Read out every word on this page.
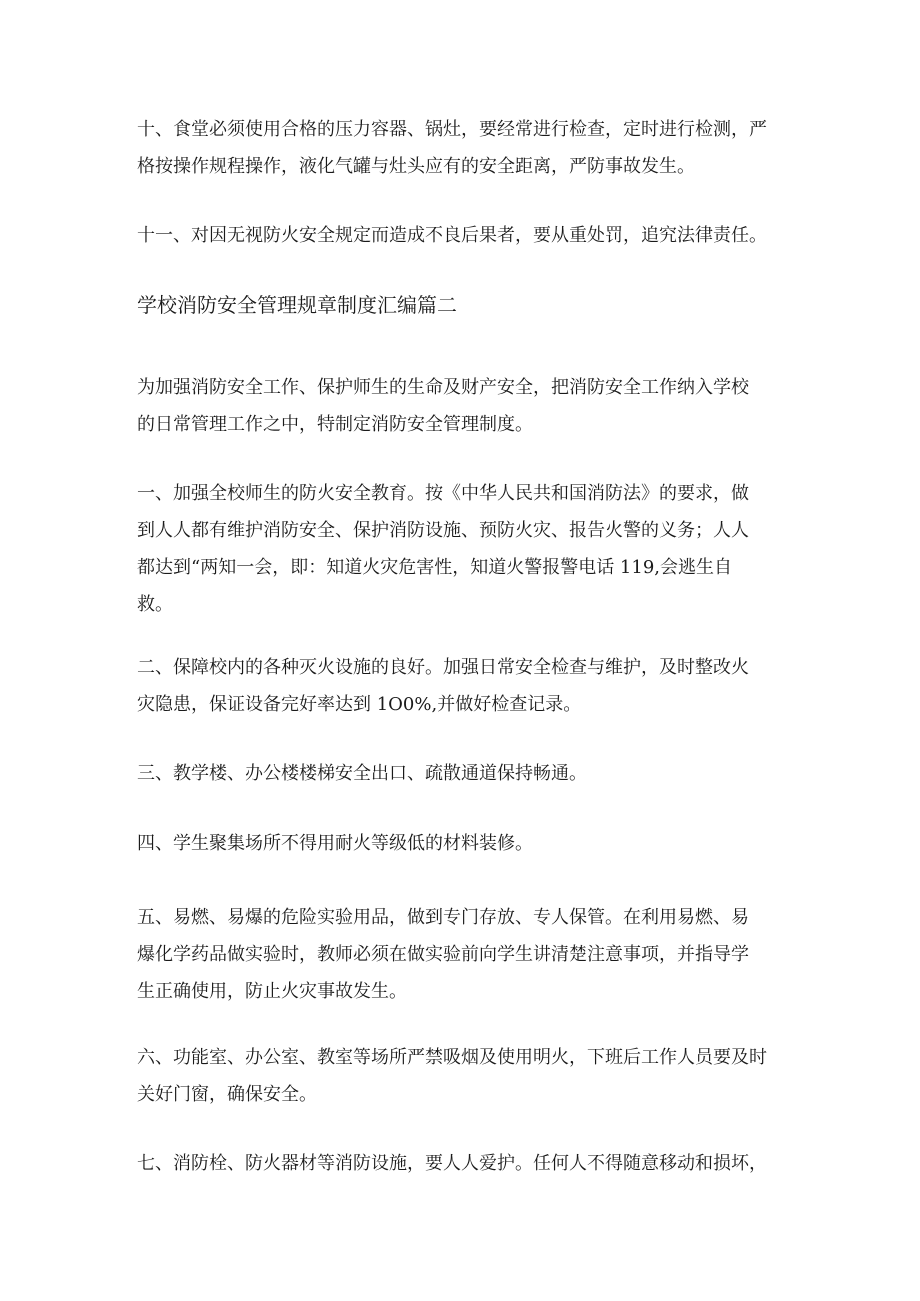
十、食堂必须使用合格的压力容器、锅灶，要经常进行检查，定时进行检测，严
格按操作规程操作，液化气罐与灶头应有的安全距离，严防事故发生。
十一、对因无视防火安全规定而造成不良后果者，要从重处罚，追究法律责任。
学校消防安全管理规章制度汇编篇二
为加强消防安全工作、保护师生的生命及财产安全，把消防安全工作纳入学校
的日常管理工作之中，特制定消防安全管理制度。
一、加强全校师生的防火安全教育。按《中华人民共和国消防法》的要求，做
到人人都有维护消防安全、保护消防设施、预防火灾、报告火警的义务；人人
都达到“两知一会，即：知道火灾危害性，知道火警报警电话 119,会逃生自
救。
二、保障校内的各种灭火设施的良好。加强日常安全检查与维护，及时整改火
灾隐患，保证设备完好率达到 1O0%,并做好检查记录。
三、教学楼、办公楼楼梯安全出口、疏散通道保持畅通。
四、学生聚集场所不得用耐火等级低的材料装修。
五、易燃、易爆的危险实验用品，做到专门存放、专人保管。在利用易燃、易
爆化学药品做实验时，教师必须在做实验前向学生讲清楚注意事项，并指导学
生正确使用，防止火灾事故发生。
六、功能室、办公室、教室等场所严禁吸烟及使用明火，下班后工作人员要及时
关好门窗，确保安全。
七、消防栓、防火器材等消防设施，要人人爱护。任何人不得随意移动和损坏，
